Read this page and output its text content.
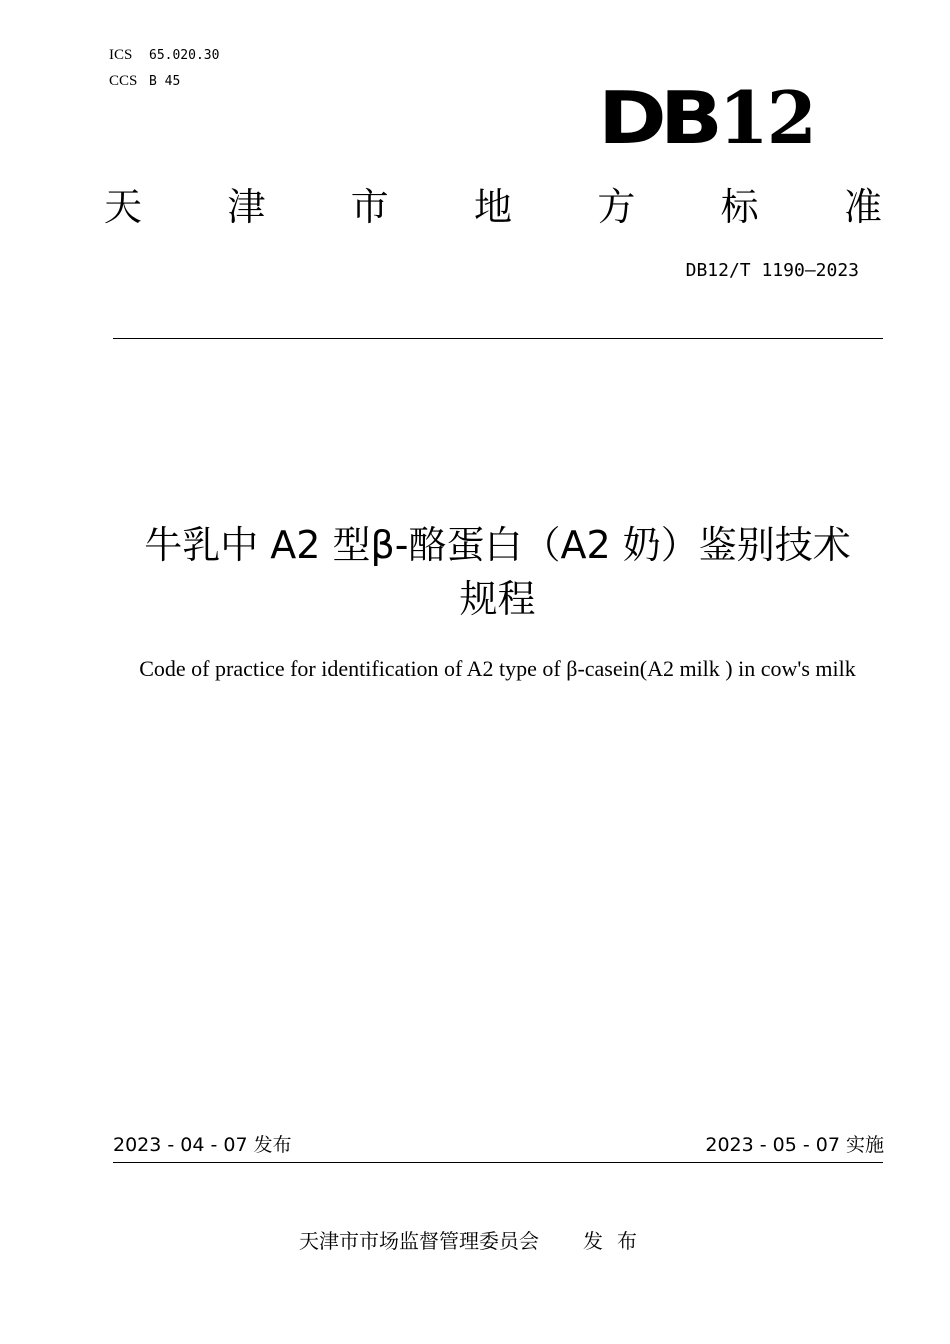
ICS 65.020.30
CCS B 45	DB12
天 津 市 地 方 标 准
DB12/T 1190—2023
牛乳中 A2 型β-酪蛋白（A2 奶）鉴别技术
规程
Code of practice for identification of A2 type of β-casein(A2 milk ) in cow's milk
2023 - 04 - 07 发布	2023 - 05 - 07 实施
天津市市场监督管理委员会 发布
